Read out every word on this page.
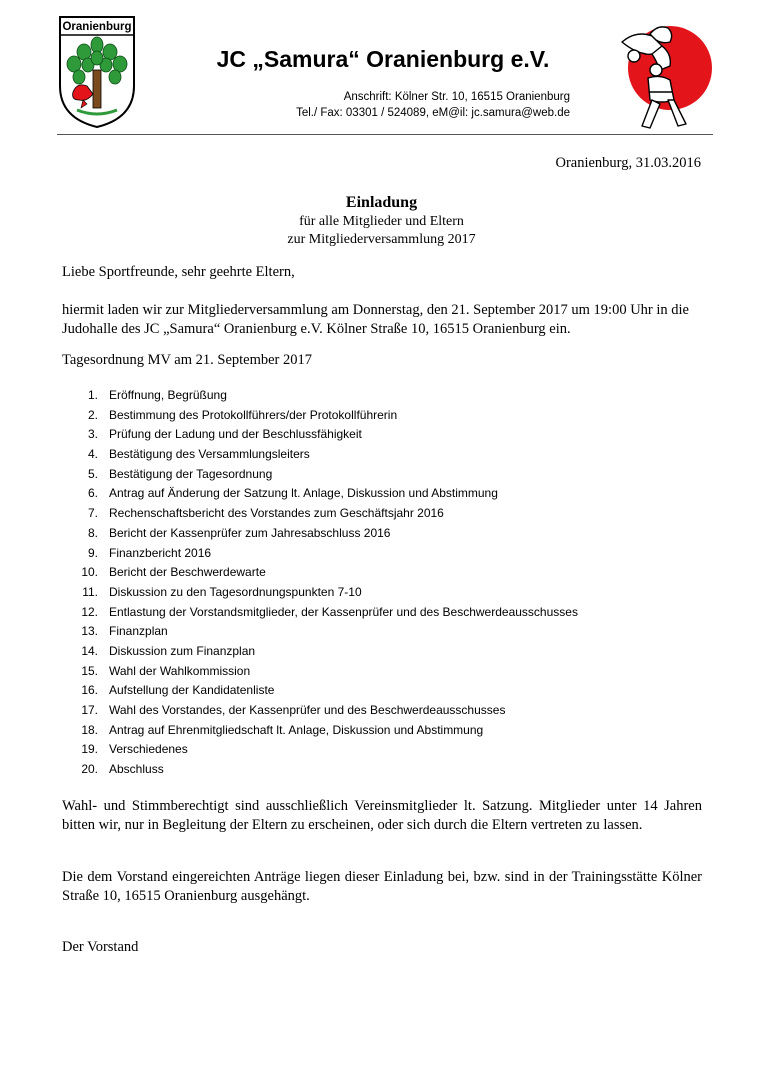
Oranienburg
JC „Samura“ Oranienburg e.V.
Anschrift: Kölner Str. 10, 16515 Oranienburg
Tel./ Fax: 03301 / 524089, eM@il: jc.samura@web.de
Oranienburg, 31.03.2016
Einladung
für alle Mitglieder und Eltern
zur Mitgliederversammlung 2017

Liebe Sportfreunde, sehr geehrte Eltern,

hiermit laden wir zur Mitgliederversammlung am Donnerstag, den 21. September 2017 um 19:00 Uhr in die Judohalle des JC „Samura“ Oranienburg e.V. Kölner Straße 10, 16515 Oranienburg ein.

Tagesordnung MV am 21. September 2017

1. Eröffnung, Begrüßung
2. Bestimmung des Protokollführers/der Protokollführerin
3. Prüfung der Ladung und der Beschlussfähigkeit
4. Bestätigung des Versammlungsleiters
5. Bestätigung der Tagesordnung
6. Antrag auf Änderung der Satzung lt. Anlage, Diskussion und Abstimmung
7. Rechenschaftsbericht des Vorstandes zum Geschäftsjahr 2016
8. Bericht der Kassenprüfer zum Jahresabschluss 2016
9. Finanzbericht 2016
10. Bericht der Beschwerdewarte
11. Diskussion zu den Tagesordnungspunkten 7-10
12. Entlastung der Vorstandsmitglieder, der Kassenprüfer und des Beschwerdeausschusses
13. Finanzplan
14. Diskussion zum Finanzplan
15. Wahl der Wahlkommission
16. Aufstellung der Kandidatenliste
17. Wahl des Vorstandes, der Kassenprüfer und des Beschwerdeausschusses
18. Antrag auf Ehrenmitgliedschaft lt. Anlage, Diskussion und Abstimmung
19. Verschiedenes
20. Abschluss

Wahl- und Stimmberechtigt sind ausschließlich Vereinsmitglieder lt. Satzung. Mitglieder unter 14 Jahren bitten wir, nur in Begleitung der Eltern zu erscheinen, oder sich durch die Eltern vertreten zu lassen.

Die dem Vorstand eingereichten Anträge liegen dieser Einladung bei, bzw. sind in der Trainingsstätte Kölner Straße 10, 16515 Oranienburg ausgehängt.

Der Vorstand
